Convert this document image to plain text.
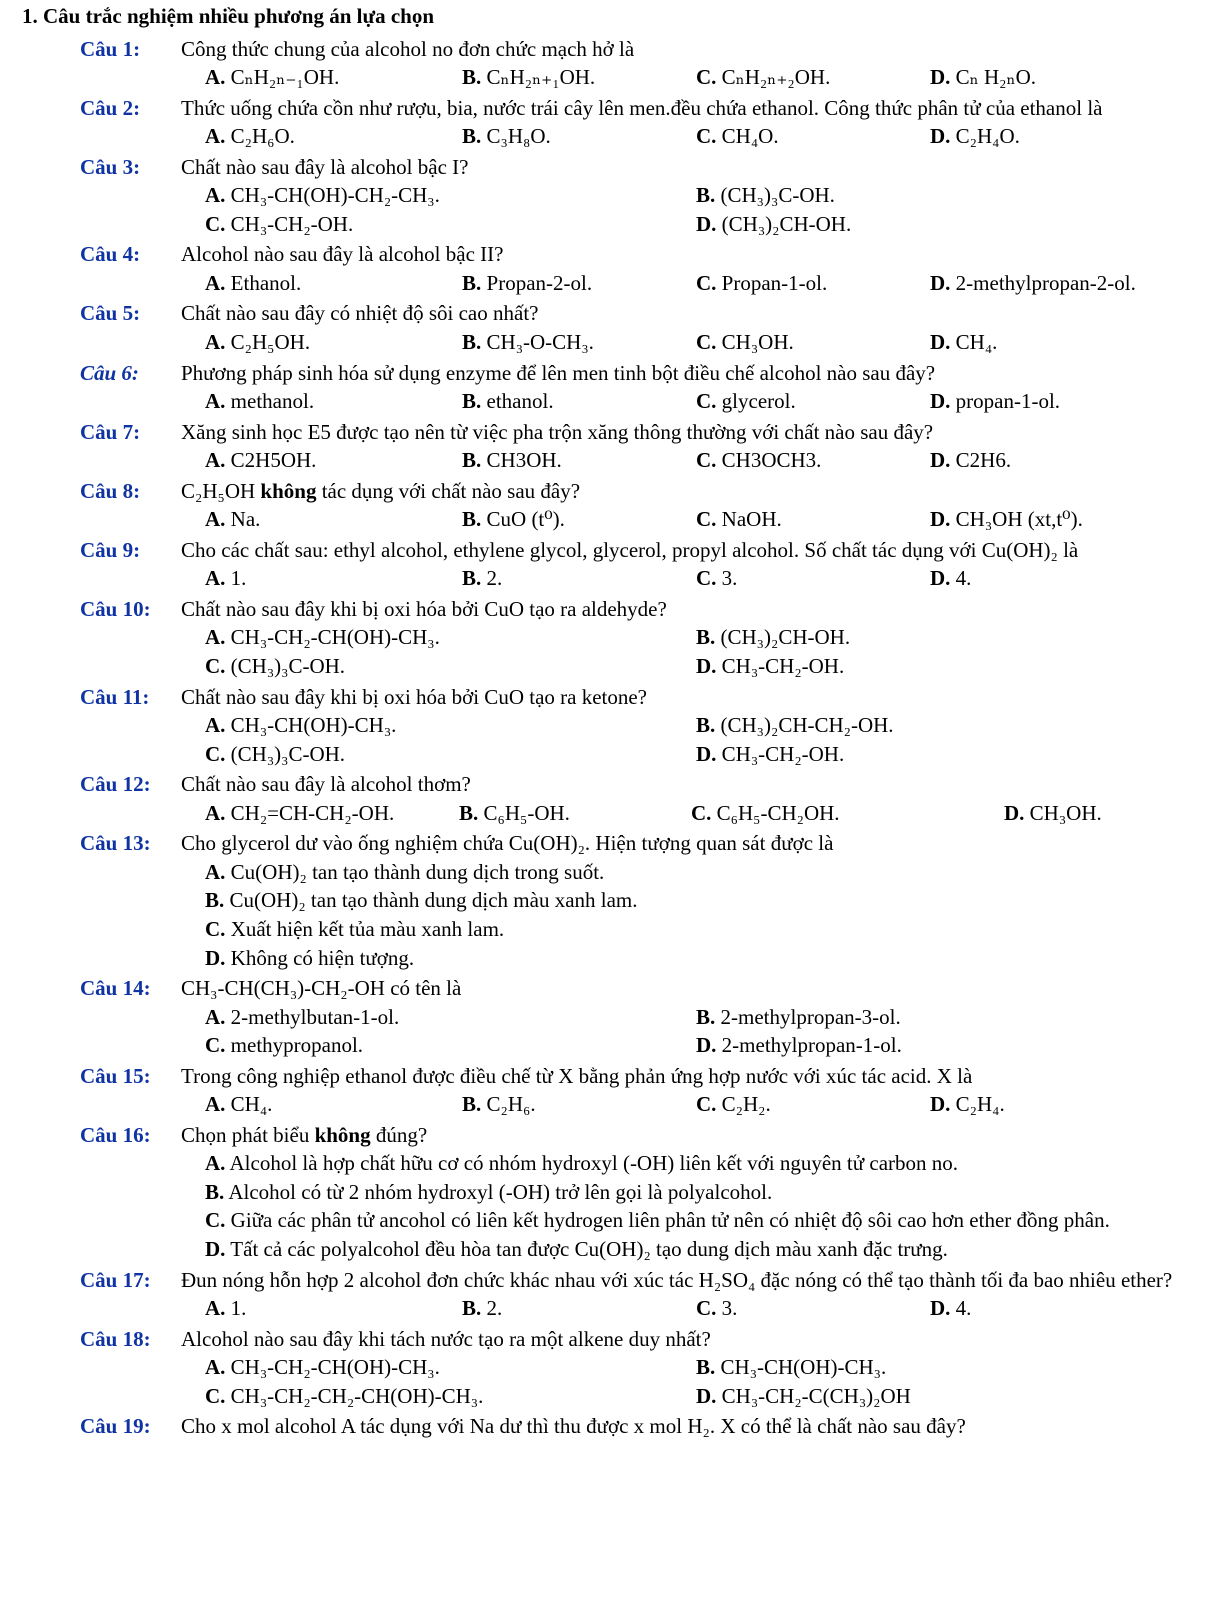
1. Câu trắc nghiệm nhiều phương án lựa chọn
Câu 1:	Công thức chung của alcohol no đơn chức mạch hở là
A. CₙH₂ₙ₋₁OH.	B. CₙH₂ₙ₊₁OH.	C. CₙH₂ₙ₊₂OH.	D. Cₙ H₂ₙO.
Câu 2:	Thức uống chứa cồn như rượu, bia, nước trái cây lên men.đều chứa ethanol. Công thức phân tử của ethanol là
A. C₂H₆O.	B. C₃H₈O.	C. CH₄O.	D. C₂H₄O.
Câu 3:	Chất nào sau đây là alcohol bậc I?
A. CH₃-CH(OH)-CH₂-CH₃.	B. (CH₃)₃C-OH.
C. CH₃-CH₂-OH.	D. (CH₃)₂CH-OH.
Câu 4:	Alcohol nào sau đây là alcohol bậc II?
A. Ethanol.	B. Propan-2-ol.	C. Propan-1-ol.	D. 2-methylpropan-2-ol.
Câu 5:	Chất nào sau đây có nhiệt độ sôi cao nhất?
A. C₂H₅OH.	B. CH₃-O-CH₃.	C. CH₃OH.	D. CH₄.
Câu 6:	Phương pháp sinh hóa sử dụng enzyme để lên men tinh bột điều chế alcohol nào sau đây?
A. methanol.	B. ethanol.	C. glycerol.	D. propan-1-ol.
Câu 7:	Xăng sinh học E5 được tạo nên từ việc pha trộn xăng thông thường với chất nào sau đây?
A. C2H5OH.	B. CH3OH.	C. CH3OCH3.	D. C2H6.
Câu 8:	C₂H₅OH không tác dụng với chất nào sau đây?
A. Na.	B. CuO (t⁰).	C. NaOH.	D. CH₃OH (xt,t⁰).
Câu 9:	Cho các chất sau: ethyl alcohol, ethylene glycol, glycerol, propyl alcohol. Số chất tác dụng với Cu(OH)₂ là
A. 1.	B. 2.	C. 3.	D. 4.
Câu 10:	Chất nào sau đây khi bị oxi hóa bởi CuO tạo ra aldehyde?
A. CH₃-CH₂-CH(OH)-CH₃.	B. (CH₃)₂CH-OH.
C. (CH₃)₃C-OH.	D. CH₃-CH₂-OH.
Câu 11:	Chất nào sau đây khi bị oxi hóa bởi CuO tạo ra ketone?
A. CH₃-CH(OH)-CH₃.	B. (CH₃)₂CH-CH₂-OH.
C. (CH₃)₃C-OH.	D. CH₃-CH₂-OH.
Câu 12:	Chất nào sau đây là alcohol thơm?
A. CH₂=CH-CH₂-OH.	B. C₆H₅-OH.	C. C₆H₅-CH₂OH.	D. CH₃OH.
Câu 13:	Cho glycerol dư vào ống nghiệm chứa Cu(OH)₂. Hiện tượng quan sát được là
A. Cu(OH)₂ tan tạo thành dung dịch trong suốt.
B. Cu(OH)₂ tan tạo thành dung dịch màu xanh lam.
C. Xuất hiện kết tủa màu xanh lam.
D. Không có hiện tượng.
Câu 14:	CH₃-CH(CH₃)-CH₂-OH có tên là
A. 2-methylbutan-1-ol.	B. 2-methylpropan-3-ol.
C. methypropanol.	D. 2-methylpropan-1-ol.
Câu 15:	Trong công nghiệp ethanol được điều chế từ X bằng phản ứng hợp nước với xúc tác acid. X là
A. CH₄.	B. C₂H₆.	C. C₂H₂.	D. C₂H₄.
Câu 16:	Chọn phát biểu không đúng?
A. Alcohol là hợp chất hữu cơ có nhóm hydroxyl (-OH) liên kết với nguyên tử carbon no.
B. Alcohol có từ 2 nhóm hydroxyl (-OH) trở lên gọi là polyalcohol.
C. Giữa các phân tử ancohol có liên kết hydrogen liên phân tử nên có nhiệt độ sôi cao hơn ether đồng phân.
D. Tất cả các polyalcohol đều hòa tan được Cu(OH)₂ tạo dung dịch màu xanh đặc trưng.
Câu 17:	Đun nóng hỗn hợp 2 alcohol đơn chức khác nhau với xúc tác H₂SO₄ đặc nóng có thể tạo thành tối đa bao nhiêu ether?
A. 1.	B. 2.	C. 3.	D. 4.
Câu 18:	Alcohol nào sau đây khi tách nước tạo ra một alkene duy nhất?
A. CH₃-CH₂-CH(OH)-CH₃.	B. CH₃-CH(OH)-CH₃.
C. CH₃-CH₂-CH₂-CH(OH)-CH₃.	D. CH₃-CH₂-C(CH₃)₂OH
Câu 19:	Cho x mol alcohol A tác dụng với Na dư thì thu được x mol H₂. X có thể là chất nào sau đây?
